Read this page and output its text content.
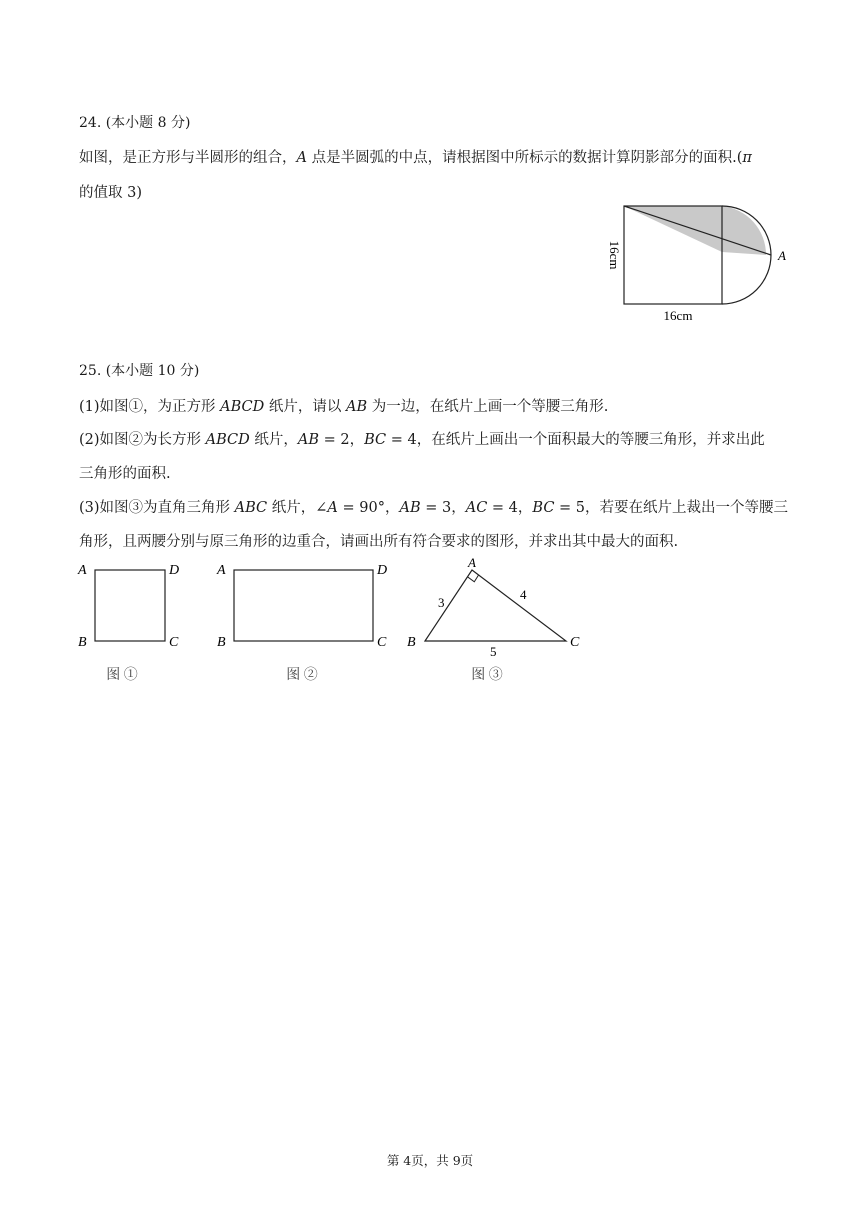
24. (本小题 8 分)
如图，是正方形与半圆形的组合，A 点是半圆弧的中点，请根据图中所标示的数据计算阴影部分的面积.(π
的值取 3)
16cm
16cm
A
25. (本小题 10 分)
(1)如图①，为正方形 ABCD 纸片，请以 AB 为一边，在纸片上画一个等腰三角形.
(2)如图②为长方形 ABCD 纸片，AB = 2，BC = 4，在纸片上画出一个面积最大的等腰三角形，并求出此
三角形的面积.
(3)如图③为直角三角形 ABC 纸片，∠A = 90°，AB = 3，AC = 4，BC = 5，若要在纸片上裁出一个等腰三
角形，且两腰分别与原三角形的边重合，请画出所有符合要求的图形，并求出其中最大的面积.
A	D
B	C
图 ①
A	D
B	C
图 ②
A
B	C
3
4
5
图 ③
第 4页，共 9页
